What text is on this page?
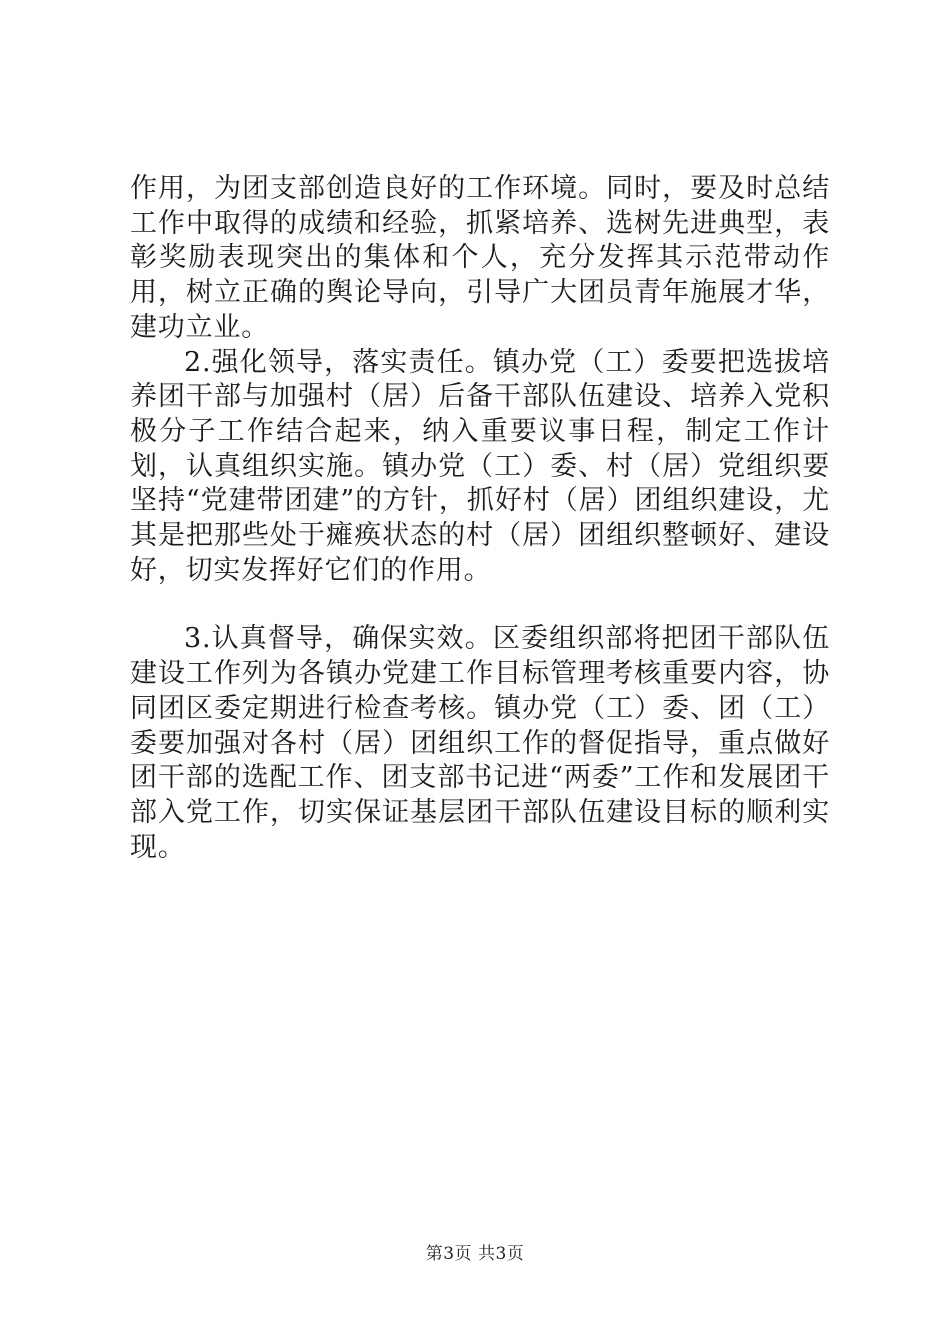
作用，为团支部创造良好的工作环境。同时，要及时总结工作中取得的成绩和经验，抓紧培养、选树先进典型，表彰奖励表现突出的集体和个人，充分发挥其示范带动作用，树立正确的舆论导向，引导广大团员青年施展才华，建功立业。

2.强化领导，落实责任。镇办党（工）委要把选拔培养团干部与加强村（居）后备干部队伍建设、培养入党积极分子工作结合起来，纳入重要议事日程，制定工作计划，认真组织实施。镇办党（工）委、村（居）党组织要坚持“党建带团建”的方针，抓好村（居）团组织建设，尤其是把那些处于瘫痪状态的村（居）团组织整顿好、建设好，切实发挥好它们的作用。

3.认真督导，确保实效。区委组织部将把团干部队伍建设工作列为各镇办党建工作目标管理考核重要内容，协同团区委定期进行检查考核。镇办党（工）委、团（工）委要加强对各村（居）团组织工作的督促指导，重点做好团干部的选配工作、团支部书记进“两委”工作和发展团干部入党工作，切实保证基层团干部队伍建设目标的顺利实现。

第3页 共3页
